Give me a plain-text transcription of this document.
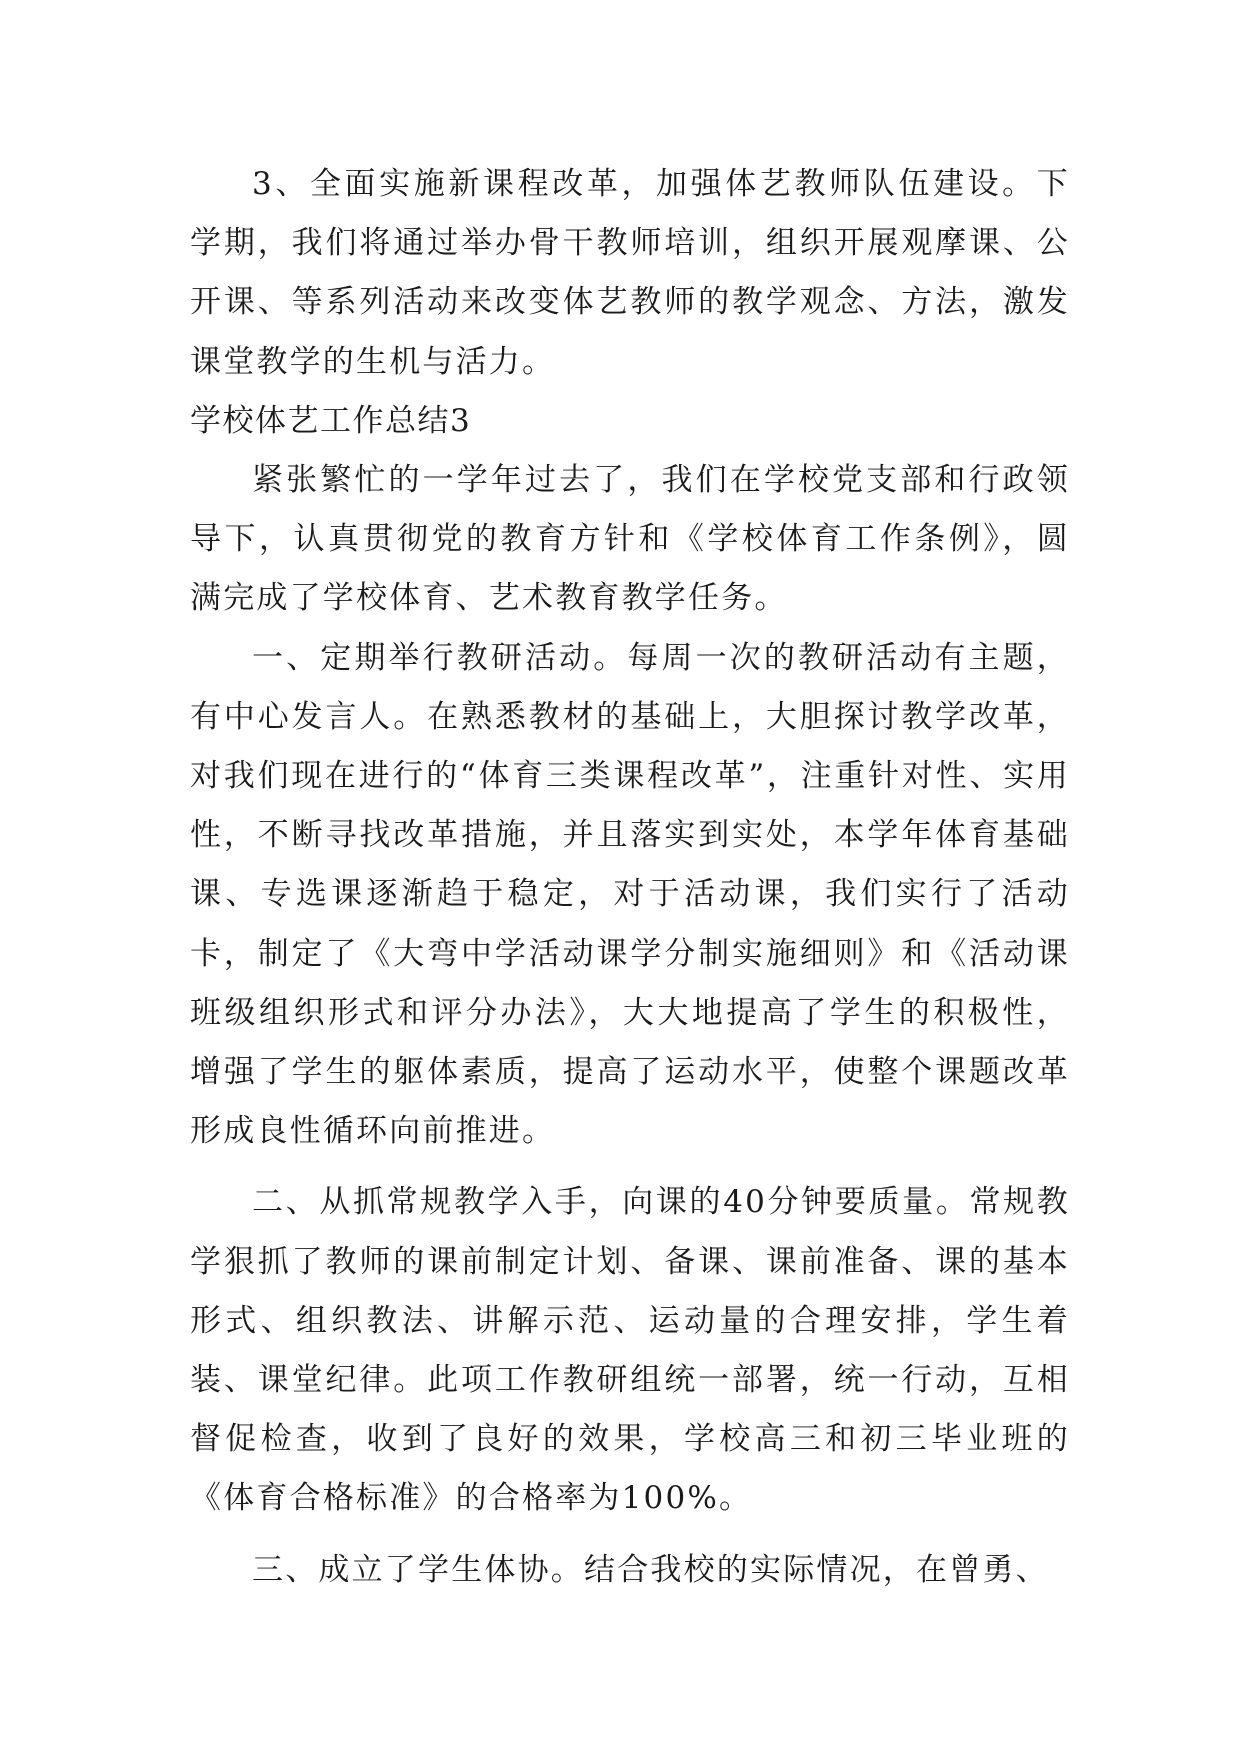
3、全面实施新课程改革，加强体艺教师队伍建设。下学期，我们将通过举办骨干教师培训，组织开展观摩课、公开课、等系列活动来改变体艺教师的教学观念、方法，激发课堂教学的生机与活力。

学校体艺工作总结3

紧张繁忙的一学年过去了，我们在学校党支部和行政领导下，认真贯彻党的教育方针和《学校体育工作条例》，圆满完成了学校体育、艺术教育教学任务。

一、定期举行教研活动。每周一次的教研活动有主题，有中心发言人。在熟悉教材的基础上，大胆探讨教学改革，对我们现在进行的“体育三类课程改革”，注重针对性、实用性，不断寻找改革措施，并且落实到实处，本学年体育基础课、专选课逐渐趋于稳定，对于活动课，我们实行了活动卡，制定了《大弯中学活动课学分制实施细则》和《活动课班级组织形式和评分办法》，大大地提高了学生的积极性，增强了学生的躯体素质，提高了运动水平，使整个课题改革形成良性循环向前推进。

二、从抓常规教学入手，向课的40分钟要质量。常规教学狠抓了教师的课前制定计划、备课、课前准备、课的基本形式、组织教法、讲解示范、运动量的合理安排，学生着装、课堂纪律。此项工作教研组统一部署，统一行动，互相督促检查，收到了良好的效果，学校高三和初三毕业班的《体育合格标准》的合格率为100%。

三、成立了学生体协。结合我校的实际情况，在曾勇、
